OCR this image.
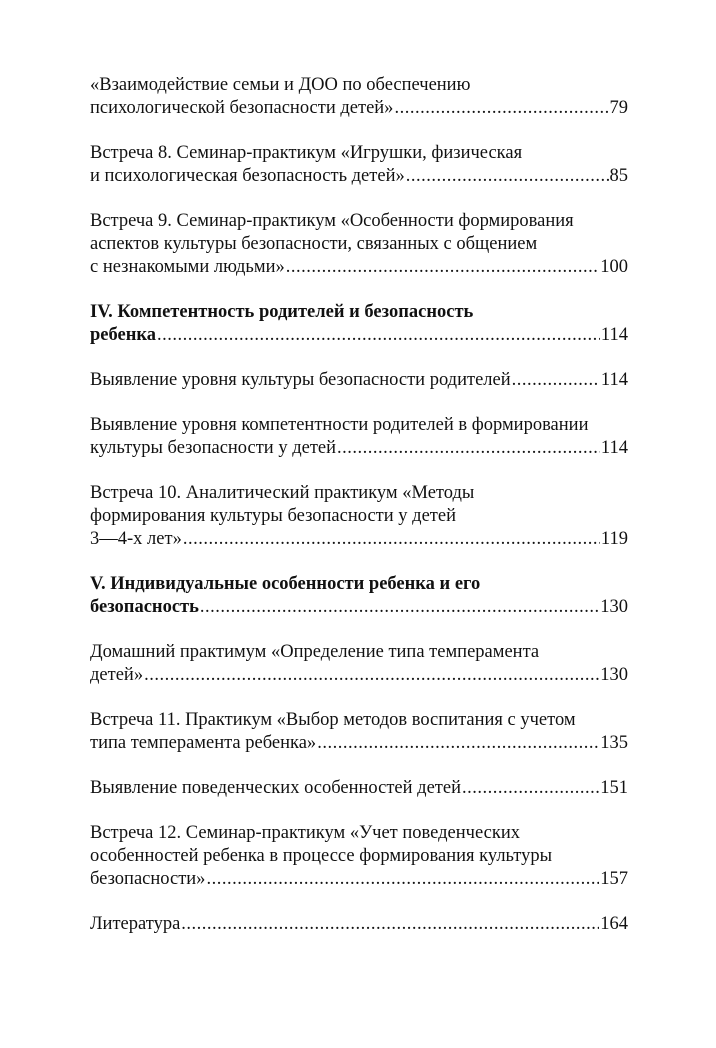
«Взаимодействие семьи и ДОО по обеспечению
психологической безопасности детей» .....	79
Встреча 8. Семинар-практикум «Игрушки, физическая
и психологическая безопасность детей» .....	85
Встреча 9. Семинар-практикум «Особенности формирования
аспектов культуры безопасности, связанных с общением
с незнакомыми людьми» .....	100
IV. Компетентность родителей и безопасность
ребенка .....	114
Выявление уровня культуры безопасности родителей .....	114
Выявление уровня компетентности родителей в формировании
культуры безопасности у детей .....	114
Встреча 10. Аналитический практикум «Методы
формирования культуры безопасности у детей
3—4-х лет» .....	119
V. Индивидуальные особенности ребенка и его
безопасность .....	130
Домашний практимум «Определение типа темперамента
детей» .....	130
Встреча 11. Практикум «Выбор методов воспитания с учетом
типа темперамента ребенка» .....	135
Выявление поведенческих особенностей детей .....	151
Встреча 12. Семинар-практикум «Учет поведенческих
особенностей ребенка в процессе формирования культуры
безопасности» .....	157
Литература .....	164
